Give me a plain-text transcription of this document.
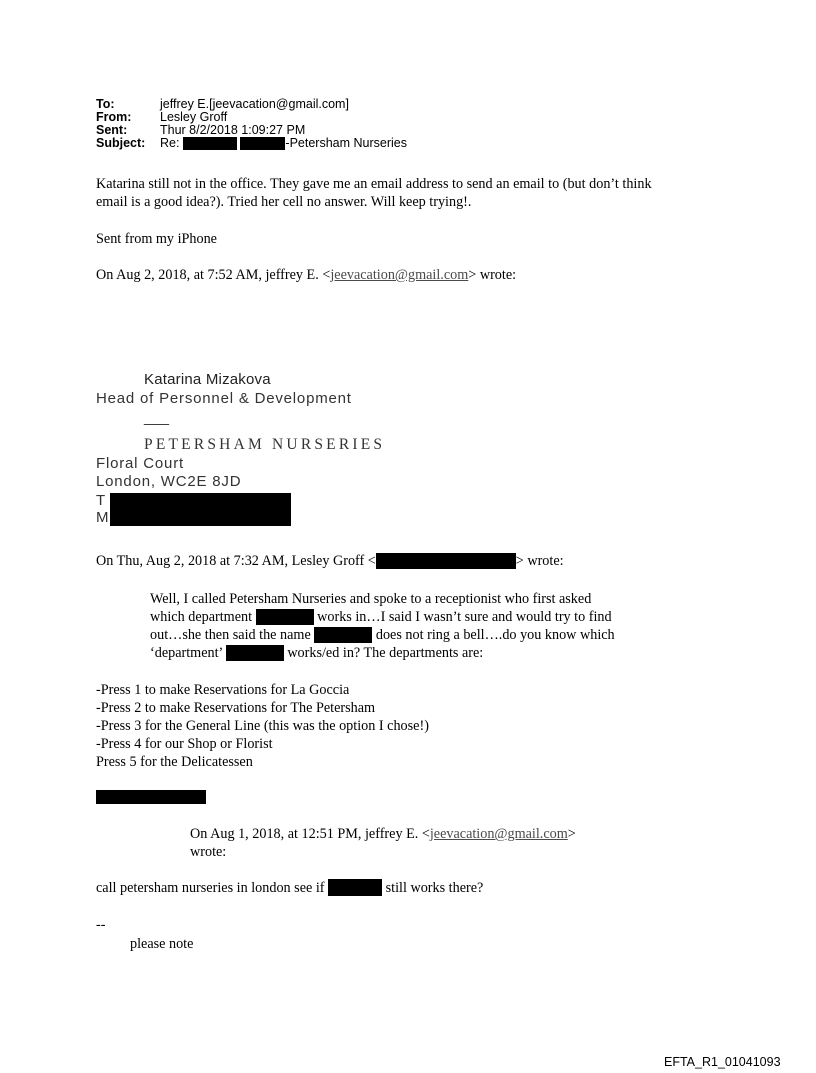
To:	jeffrey E.[jeevacation@gmail.com]
From: Lesley Groff
Sent:	Thur 8/2/2018 1:09:27 PM
Subject: Re:	-Petersham Nurseries
Katarina still not in the office. They gave me an email address to send an email to (but don’t think
email is a good idea?). Tried her cell no answer. Will keep trying!.
Sent from my iPhone
On Aug 2, 2018, at 7:52 AM, jeffrey E. <jeevacation@gmail.com> wrote:
Katarina Mizakova
Head of Personnel & Development
___
PETERSHAM NURSERIES
Floral Court
London, WC2E 8JD
T
M
On Thu, Aug 2, 2018 at 7:32 AM, Lesley Groff <	> wrote:
Well, I called Petersham Nurseries and spoke to a receptionist who first asked
which department	works in…I said I wasn’t sure and would try to find
out…she then said the name	does not ring a bell….do you know which
‘department’	works/ed in? The departments are:
-Press 1 to make Reservations for La Goccia
-Press 2 to make Reservations for The Petersham
-Press 3 for the General Line (this was the option I chose!)
-Press 4 for our Shop or Florist
Press 5 for the Delicatessen
On Aug 1, 2018, at 12:51 PM, jeffrey E. <jeevacation@gmail.com>
wrote:
call petersham nurseries in london see if	still works there?
--
please note
EFTA_R1_01041093
